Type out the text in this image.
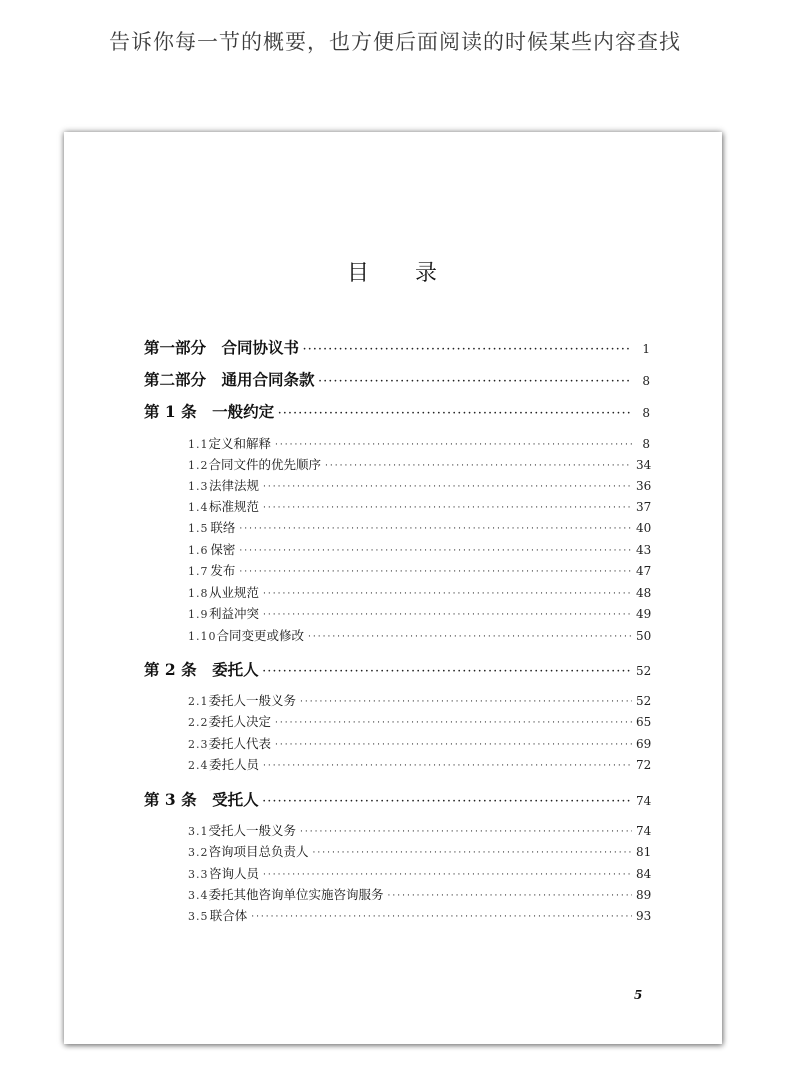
告诉你每一节的概要，也方便后面阅读的时候某些内容查找
目 录
第一部分　合同协议书 ·····	1
第二部分　通用合同条款 ·····	8
第 1 条　一般约定 ·····	8
1.1 定义和解释 ·····	8
1.2 合同文件的优先顺序 ·····	34
1.3 法律法规 ·····	36
1.4 标准规范 ·····	37
1.5 联络 ·····	40
1.6 保密 ·····	43
1.7 发布 ·····	47
1.8 从业规范 ·····	48
1.9 利益冲突 ·····	49
1.10 合同变更或修改 ·····	50
第 2 条　委托人 ·····	52
2.1 委托人一般义务 ·····	52
2.2 委托人决定 ·····	65
2.3 委托人代表 ·····	69
2.4 委托人员 ·····	72
第 3 条　受托人 ·····	74
3.1 受托人一般义务 ·····	74
3.2 咨询项目总负责人 ·····	81
3.3 咨询人员 ·····	84
3.4 委托其他咨询单位实施咨询服务 ·····	89
3.5 联合体 ·····	93
5
